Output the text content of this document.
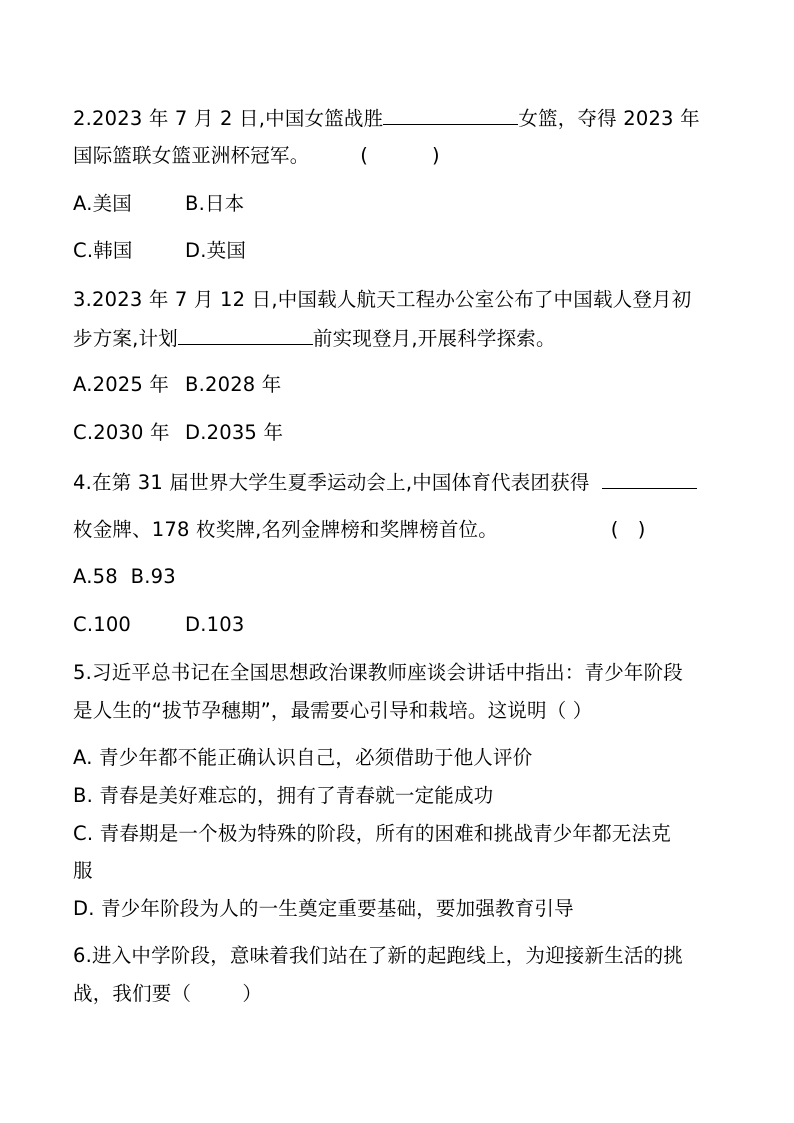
2.2023 年 7 月 2 日,中国女篮战胜	女篮，夺得 2023 年
国际篮联女篮亚洲杯冠军。	(          )
A.美国	B.日本
C.韩国	D.英国
3.2023 年 7 月 12 日,中国载人航天工程办公室公布了中国载人登月初
步方案,计划	前实现登月,开展科学探索。
A.2025 年 B.2028 年
C.2030 年 D.2035 年
4.在第 31 届世界大学生夏季运动会上,中国体育代表团获得
枚金牌、178 枚奖牌,名列金牌榜和奖牌榜首位。	(   )
A.58 B.93
C.100	D.103
5.习近平总书记在全国思想政治课教师座谈会讲话中指出：青少年阶段
是人生的“拔节孕穗期”，最需要心引导和栽培。这说明（ ）
A. 青少年都不能正确认识自己，必须借助于他人评价
B. 青春是美好难忘的，拥有了青春就一定能成功
C. 青春期是一个极为特殊的阶段，所有的困难和挑战青少年都无法克
服
D. 青少年阶段为人的一生奠定重要基础，要加强教育引导
6.进入中学阶段，意味着我们站在了新的起跑线上，为迎接新生活的挑
战，我们要（        ）
